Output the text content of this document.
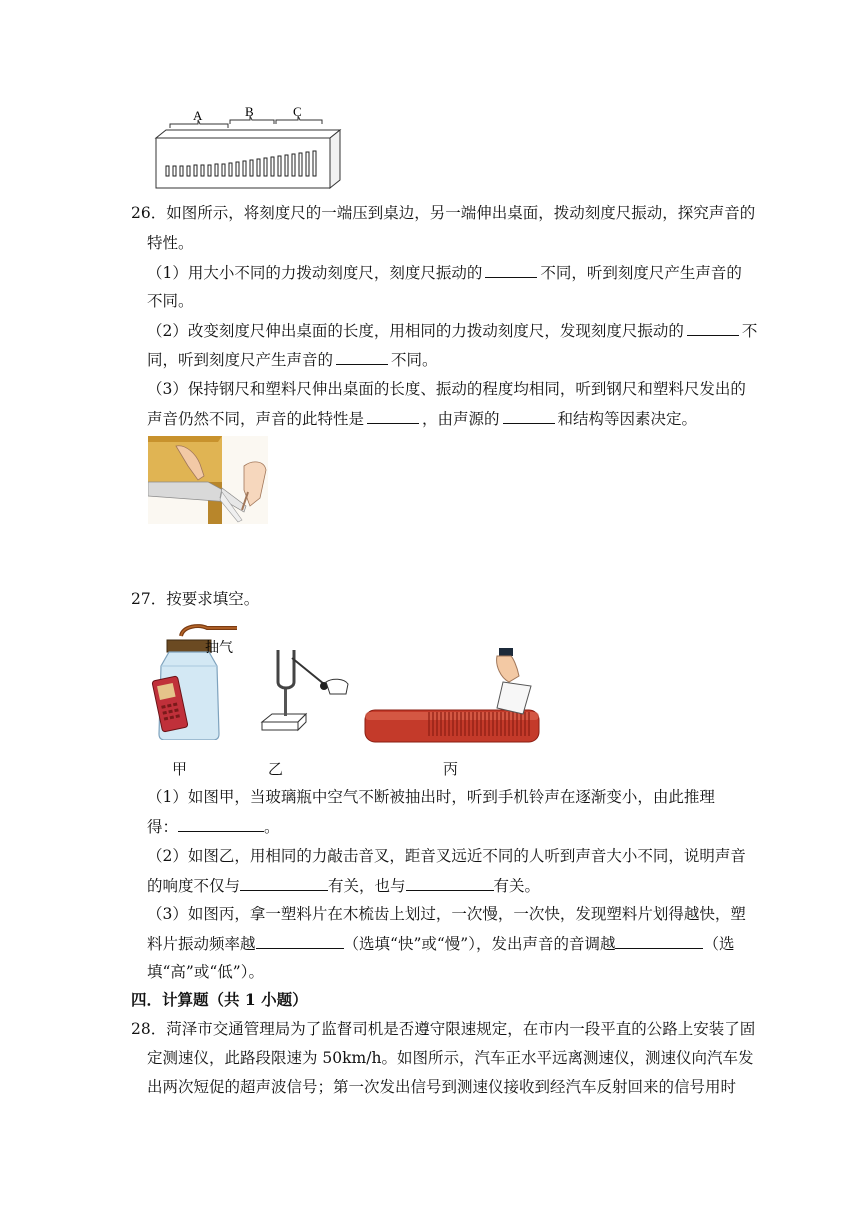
A	B	C
26．如图所示，将刻度尺的一端压到桌边，另一端伸出桌面，拨动刻度尺振动，探究声音的
特性。
（1）用大小不同的力拨动刻度尺，刻度尺振动的	不同，听到刻度尺产生声音的
不同。
（2）改变刻度尺伸出桌面的长度，用相同的力拨动刻度尺，发现刻度尺振动的	不
同，听到刻度尺产生声音的	不同。
（3）保持钢尺和塑料尺伸出桌面的长度、振动的程度均相同，听到钢尺和塑料尺发出的
声音仍然不同，声音的此特性是	，由声源的	和结构等因素决定。
27．按要求填空。
抽气
甲	乙	丙
（1）如图甲，当玻璃瓶中空气不断被抽出时，听到手机铃声在逐渐变小，由此推理
得：	。
（2）如图乙，用相同的力敲击音叉，距音叉远近不同的人听到声音大小不同，说明声音
的响度不仅与	有关，也与	有关。
（3）如图丙，拿一塑料片在木梳齿上划过，一次慢，一次快，发现塑料片划得越快，塑
料片振动频率越	（选填“快”或“慢”），发出声音的音调越	（选
填“高”或“低”）。
四．计算题（共 1 小题）
28．菏泽市交通管理局为了监督司机是否遵守限速规定，在市内一段平直的公路上安装了固
定测速仪，此路段限速为 50km/h。如图所示，汽车正水平远离测速仪，测速仪向汽车发
出两次短促的超声波信号；第一次发出信号到测速仪接收到经汽车反射回来的信号用时
